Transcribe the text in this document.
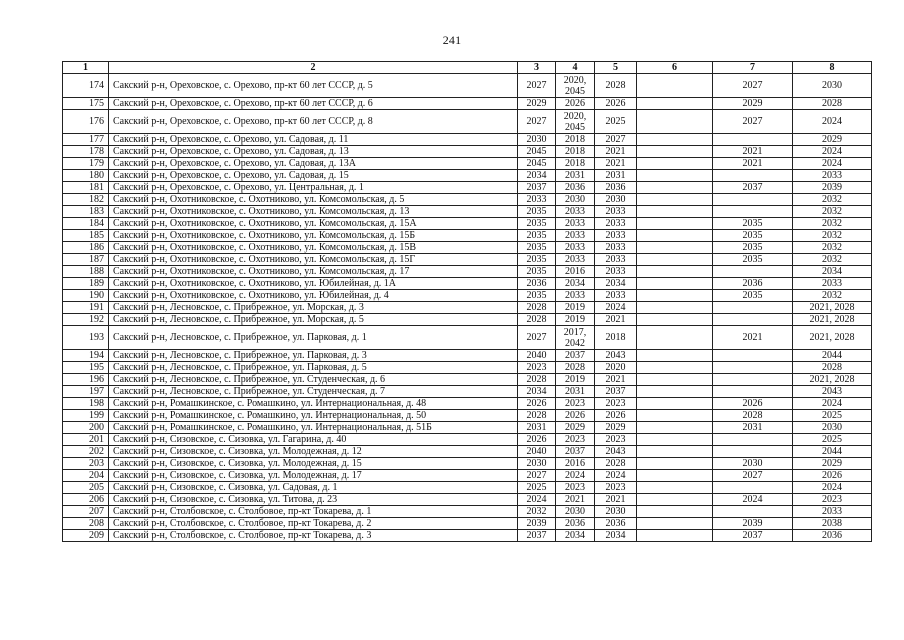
241
1	2	3	4	5	6	7	8
174	Сакский р-н, Ореховское, с. Орехово, пр-кт 60 лет СССР, д. 5	2027	2020, 2045	2028		2027	2030
175	Сакский р-н, Ореховское, с. Орехово, пр-кт 60 лет СССР, д. 6	2029	2026	2026		2029	2028
176	Сакский р-н, Ореховское, с. Орехово, пр-кт 60 лет СССР, д. 8	2027	2020, 2045	2025		2027	2024
177	Сакский р-н, Ореховское, с. Орехово, ул. Садовая, д. 11	2030	2018	2027			2029
178	Сакский р-н, Ореховское, с. Орехово, ул. Садовая, д. 13	2045	2018	2021		2021	2024
179	Сакский р-н, Ореховское, с. Орехово, ул. Садовая, д. 13А	2045	2018	2021		2021	2024
180	Сакский р-н, Ореховское, с. Орехово, ул. Садовая, д. 15	2034	2031	2031			2033
181	Сакский р-н, Ореховское, с. Орехово, ул. Центральная, д. 1	2037	2036	2036		2037	2039
182	Сакский р-н, Охотниковское, с. Охотниково, ул. Комсомольская, д. 5	2033	2030	2030			2032
183	Сакский р-н, Охотниковское, с. Охотниково, ул. Комсомольская, д. 13	2035	2033	2033			2032
184	Сакский р-н, Охотниковское, с. Охотниково, ул. Комсомольская, д. 15А	2035	2033	2033		2035	2032
185	Сакский р-н, Охотниковское, с. Охотниково, ул. Комсомольская, д. 15Б	2035	2033	2033		2035	2032
186	Сакский р-н, Охотниковское, с. Охотниково, ул. Комсомольская, д. 15В	2035	2033	2033		2035	2032
187	Сакский р-н, Охотниковское, с. Охотниково, ул. Комсомольская, д. 15Г	2035	2033	2033		2035	2032
188	Сакский р-н, Охотниковское, с. Охотниково, ул. Комсомольская, д. 17	2035	2016	2033			2034
189	Сакский р-н, Охотниковское, с. Охотниково, ул. Юбилейная, д. 1А	2036	2034	2034		2036	2033
190	Сакский р-н, Охотниковское, с. Охотниково, ул. Юбилейная, д. 4	2035	2033	2033		2035	2032
191	Сакский р-н, Лесновское, с. Прибрежное, ул. Морская, д. 3	2028	2019	2024			2021, 2028
192	Сакский р-н, Лесновское, с. Прибрежное, ул. Морская, д. 5	2028	2019	2021			2021, 2028
193	Сакский р-н, Лесновское, с. Прибрежное, ул. Парковая, д. 1	2027	2017, 2042	2018		2021	2021, 2028
194	Сакский р-н, Лесновское, с. Прибрежное, ул. Парковая, д. 3	2040	2037	2043			2044
195	Сакский р-н, Лесновское, с. Прибрежное, ул. Парковая, д. 5	2023	2028	2020			2028
196	Сакский р-н, Лесновское, с. Прибрежное, ул. Студенческая, д. 6	2028	2019	2021			2021, 2028
197	Сакский р-н, Лесновское, с. Прибрежное, ул. Студенческая, д. 7	2034	2031	2037			2043
198	Сакский р-н, Ромашкинское, с. Ромашкино, ул. Интернациональная, д. 48	2026	2023	2023		2026	2024
199	Сакский р-н, Ромашкинское, с. Ромашкино, ул. Интернациональная, д. 50	2028	2026	2026		2028	2025
200	Сакский р-н, Ромашкинское, с. Ромашкино, ул. Интернациональная, д. 51Б	2031	2029	2029		2031	2030
201	Сакский р-н, Сизовское, с. Сизовка, ул. Гагарина, д. 40	2026	2023	2023			2025
202	Сакский р-н, Сизовское, с. Сизовка, ул. Молодежная, д. 12	2040	2037	2043			2044
203	Сакский р-н, Сизовское, с. Сизовка, ул. Молодежная, д. 15	2030	2016	2028		2030	2029
204	Сакский р-н, Сизовское, с. Сизовка, ул. Молодежная, д. 17	2027	2024	2024		2027	2026
205	Сакский р-н, Сизовское, с. Сизовка, ул. Садовая, д. 1	2025	2023	2023			2024
206	Сакский р-н, Сизовское, с. Сизовка, ул. Титова, д. 23	2024	2021	2021		2024	2023
207	Сакский р-н, Столбовское, с. Столбовое, пр-кт Токарева, д. 1	2032	2030	2030			2033
208	Сакский р-н, Столбовское, с. Столбовое, пр-кт Токарева, д. 2	2039	2036	2036		2039	2038
209	Сакский р-н, Столбовское, с. Столбовое, пр-кт Токарева, д. 3	2037	2034	2034		2037	2036
